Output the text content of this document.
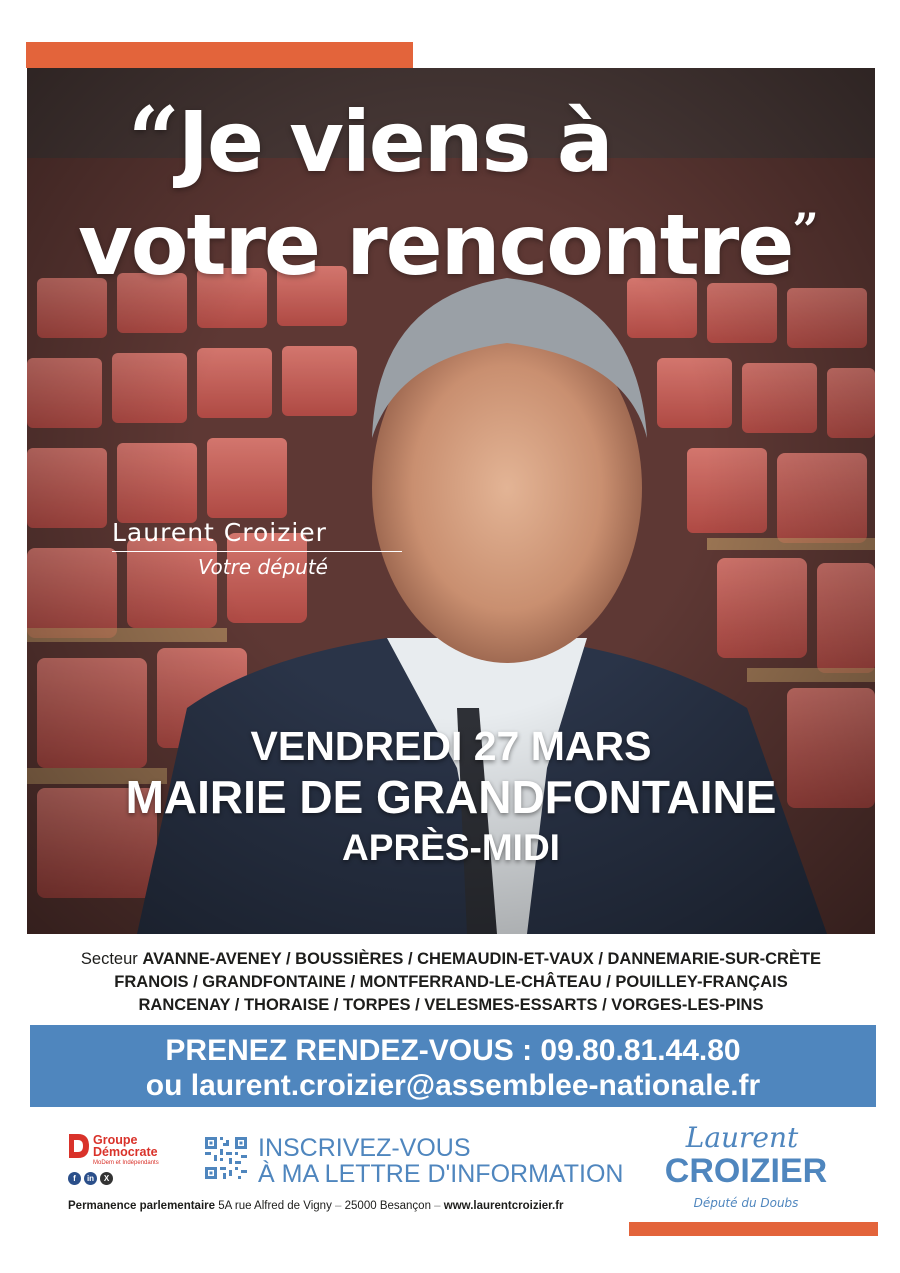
“Je viens à
votre rencontre”
Laurent Croizier
Votre député
VENDREDI 27 MARS
MAIRIE DE GRANDFONTAINE
APRÈS-MIDI
Secteur AVANNE-AVENEY / BOUSSIÈRES / CHEMAUDIN-ET-VAUX / DANNEMARIE-SUR-CRÈTE
FRANOIS / GRANDFONTAINE / MONTFERRAND-LE-CHÂTEAU / POUILLEY-FRANÇAIS
RANCENAY / THORAISE / TORPES / VELESMES-ESSARTS / VORGES-LES-PINS
PRENEZ RENDEZ-VOUS : 09.80.81.44.80
ou laurent.croizier@assemblee-nationale.fr
Groupe
Démocrate
MoDem et Indépendants
f	in	X
INSCRIVEZ-VOUS
À MA LETTRE D'INFORMATION
Laurent
CROIZIER
Député du Doubs
Permanence parlementaire 5A rue Alfred de Vigny – 25000 Besançon – www.laurentcroizier.fr
